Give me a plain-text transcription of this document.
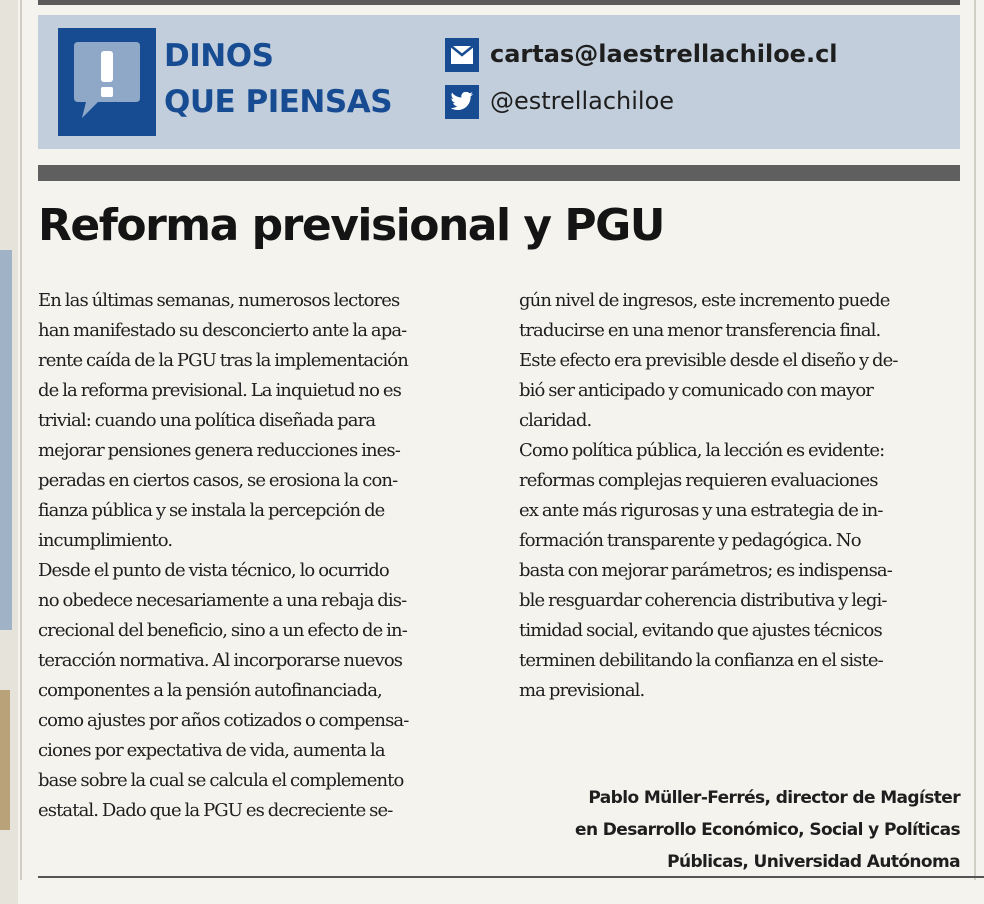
DINOS
QUE PIENSAS
cartas@laestrellachiloe.cl
@estrellachiloe
Reforma previsional y PGU
En las últimas semanas, numerosos lectores
han manifestado su desconcierto ante la apa-
rente caída de la PGU tras la implementación
de la reforma previsional. La inquietud no es
trivial: cuando una política diseñada para
mejorar pensiones genera reducciones ines-
peradas en ciertos casos, se erosiona la con-
fianza pública y se instala la percepción de
incumplimiento.
Desde el punto de vista técnico, lo ocurrido
no obedece necesariamente a una rebaja dis-
crecional del beneficio, sino a un efecto de in-
teracción normativa. Al incorporarse nuevos
componentes a la pensión autofinanciada,
como ajustes por años cotizados o compensa-
ciones por expectativa de vida, aumenta la
base sobre la cual se calcula el complemento
estatal. Dado que la PGU es decreciente se-
gún nivel de ingresos, este incremento puede
traducirse en una menor transferencia final.
Este efecto era previsible desde el diseño y de-
bió ser anticipado y comunicado con mayor
claridad.
Como política pública, la lección es evidente:
reformas complejas requieren evaluaciones
ex ante más rigurosas y una estrategia de in-
formación transparente y pedagógica. No
basta con mejorar parámetros; es indispensa-
ble resguardar coherencia distributiva y legi-
timidad social, evitando que ajustes técnicos
terminen debilitando la confianza en el siste-
ma previsional.
Pablo Müller-Ferrés, director de Magíster
en Desarrollo Económico, Social y Políticas
Públicas, Universidad Autónoma
